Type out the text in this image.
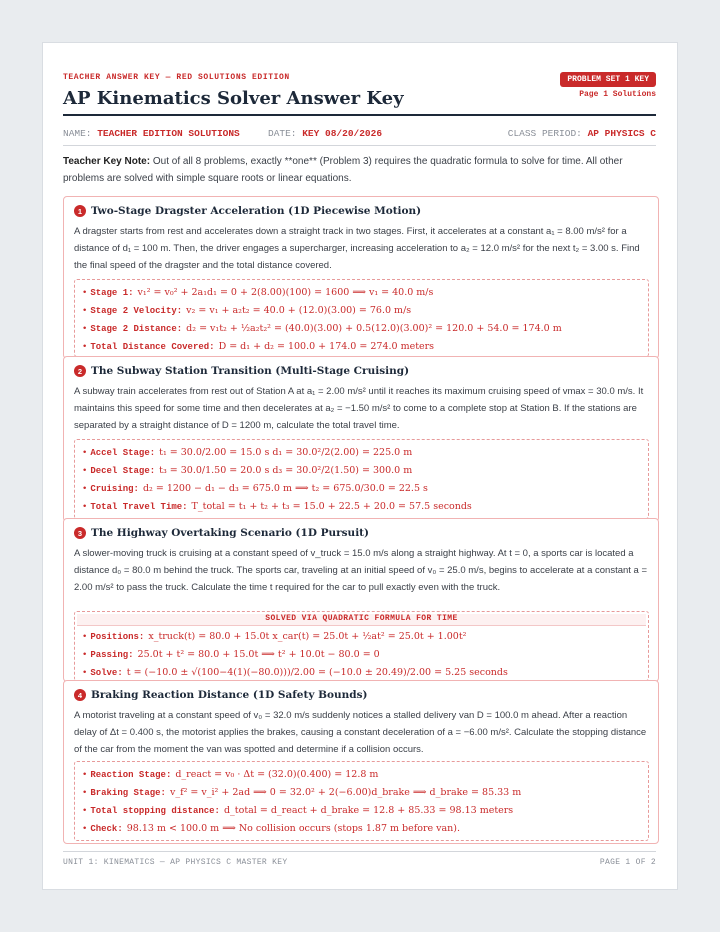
TEACHER ANSWER KEY — RED SOLUTIONS EDITION
AP Kinematics Solver Answer Key
PROBLEM SET 1 KEY
Page 1 Solutions
NAME: TEACHER EDITION SOLUTIONS	DATE: KEY 08/20/2026	CLASS PERIOD: AP PHYSICS C
Teacher Key Note: Out of all 8 problems, exactly **one** (Problem 3) requires the quadratic formula to solve for time. All other problems are solved with simple square roots or linear equations.
1 Two-Stage Dragster Acceleration (1D Piecewise Motion)
A dragster starts from rest and accelerates down a straight track in two stages. First, it accelerates at a constant a₁ = 8.00 m/s² for a distance of d₁ = 100 m. Then, the driver engages a supercharger, increasing acceleration to a₂ = 12.0 m/s² for the next t₂ = 3.00 s. Find the final speed of the dragster and the total distance covered.
• Stage 1: v₁² = v₀² + 2a₁d₁ = 0 + 2(8.00)(100) = 1600 ⟹ v₁ = 40.0 m/s
• Stage 2 Velocity: v₂ = v₁ + a₂t₂ = 40.0 + (12.0)(3.00) = 76.0 m/s
• Stage 2 Distance: d₂ = v₁t₂ + ½a₂t₂² = (40.0)(3.00) + 0.5(12.0)(3.00)² = 120.0 + 54.0 = 174.0 m
• Total Distance Covered: D = d₁ + d₂ = 100.0 + 174.0 = 274.0 meters
2 The Subway Station Transition (Multi-Stage Cruising)
A subway train accelerates from rest out of Station A at a₁ = 2.00 m/s² until it reaches its maximum cruising speed of vmax = 30.0 m/s. It maintains this speed for some time and then decelerates at a₂ = −1.50 m/s² to come to a complete stop at Station B. If the stations are separated by a straight distance of D = 1200 m, calculate the total travel time.
• Accel Stage: t₁ = 30.0/2.00 = 15.0 s d₁ = 30.0²/2(2.00) = 225.0 m
• Decel Stage: t₃ = 30.0/1.50 = 20.0 s d₃ = 30.0²/2(1.50) = 300.0 m
• Cruising: d₂ = 1200 − d₁ − d₃ = 675.0 m ⟹ t₂ = 675.0/30.0 = 22.5 s
• Total Travel Time: T_total = t₁ + t₂ + t₃ = 15.0 + 22.5 + 20.0 = 57.5 seconds
3 The Highway Overtaking Scenario (1D Pursuit)
A slower-moving truck is cruising at a constant speed of v_truck = 15.0 m/s along a straight highway. At t = 0, a sports car is located a distance d₀ = 80.0 m behind the truck. The sports car, traveling at an initial speed of v₀ = 25.0 m/s, begins to accelerate at a constant a = 2.00 m/s² to pass the truck. Calculate the time t required for the car to pull exactly even with the truck.
SOLVED VIA QUADRATIC FORMULA FOR TIME
• Positions: x_truck(t) = 80.0 + 15.0t x_car(t) = 25.0t + ½at² = 25.0t + 1.00t²
• Passing: 25.0t + t² = 80.0 + 15.0t ⟹ t² + 10.0t − 80.0 = 0
• Solve: t = (−10.0 ± √(100−4(1)(−80.0)))/2.00 = (−10.0 ± 20.49)/2.00 = 5.25 seconds
4 Braking Reaction Distance (1D Safety Bounds)
A motorist traveling at a constant speed of v₀ = 32.0 m/s suddenly notices a stalled delivery van D = 100.0 m ahead. After a reaction delay of Δt = 0.400 s, the motorist applies the brakes, causing a constant deceleration of a = −6.00 m/s². Calculate the stopping distance of the car from the moment the van was spotted and determine if a collision occurs.
• Reaction Stage: d_react = v₀ · Δt = (32.0)(0.400) = 12.8 m
• Braking Stage: v_f² = v_i² + 2ad ⟹ 0 = 32.0² + 2(−6.00)d_brake ⟹ d_brake = 85.33 m
• Total stopping distance: d_total = d_react + d_brake = 12.8 + 85.33 = 98.13 meters
• Check: 98.13 m < 100.0 m ⟹ No collision occurs (stops 1.87 m before van).
UNIT 1: KINEMATICS — AP PHYSICS C MASTER KEY	PAGE 1 OF 2
